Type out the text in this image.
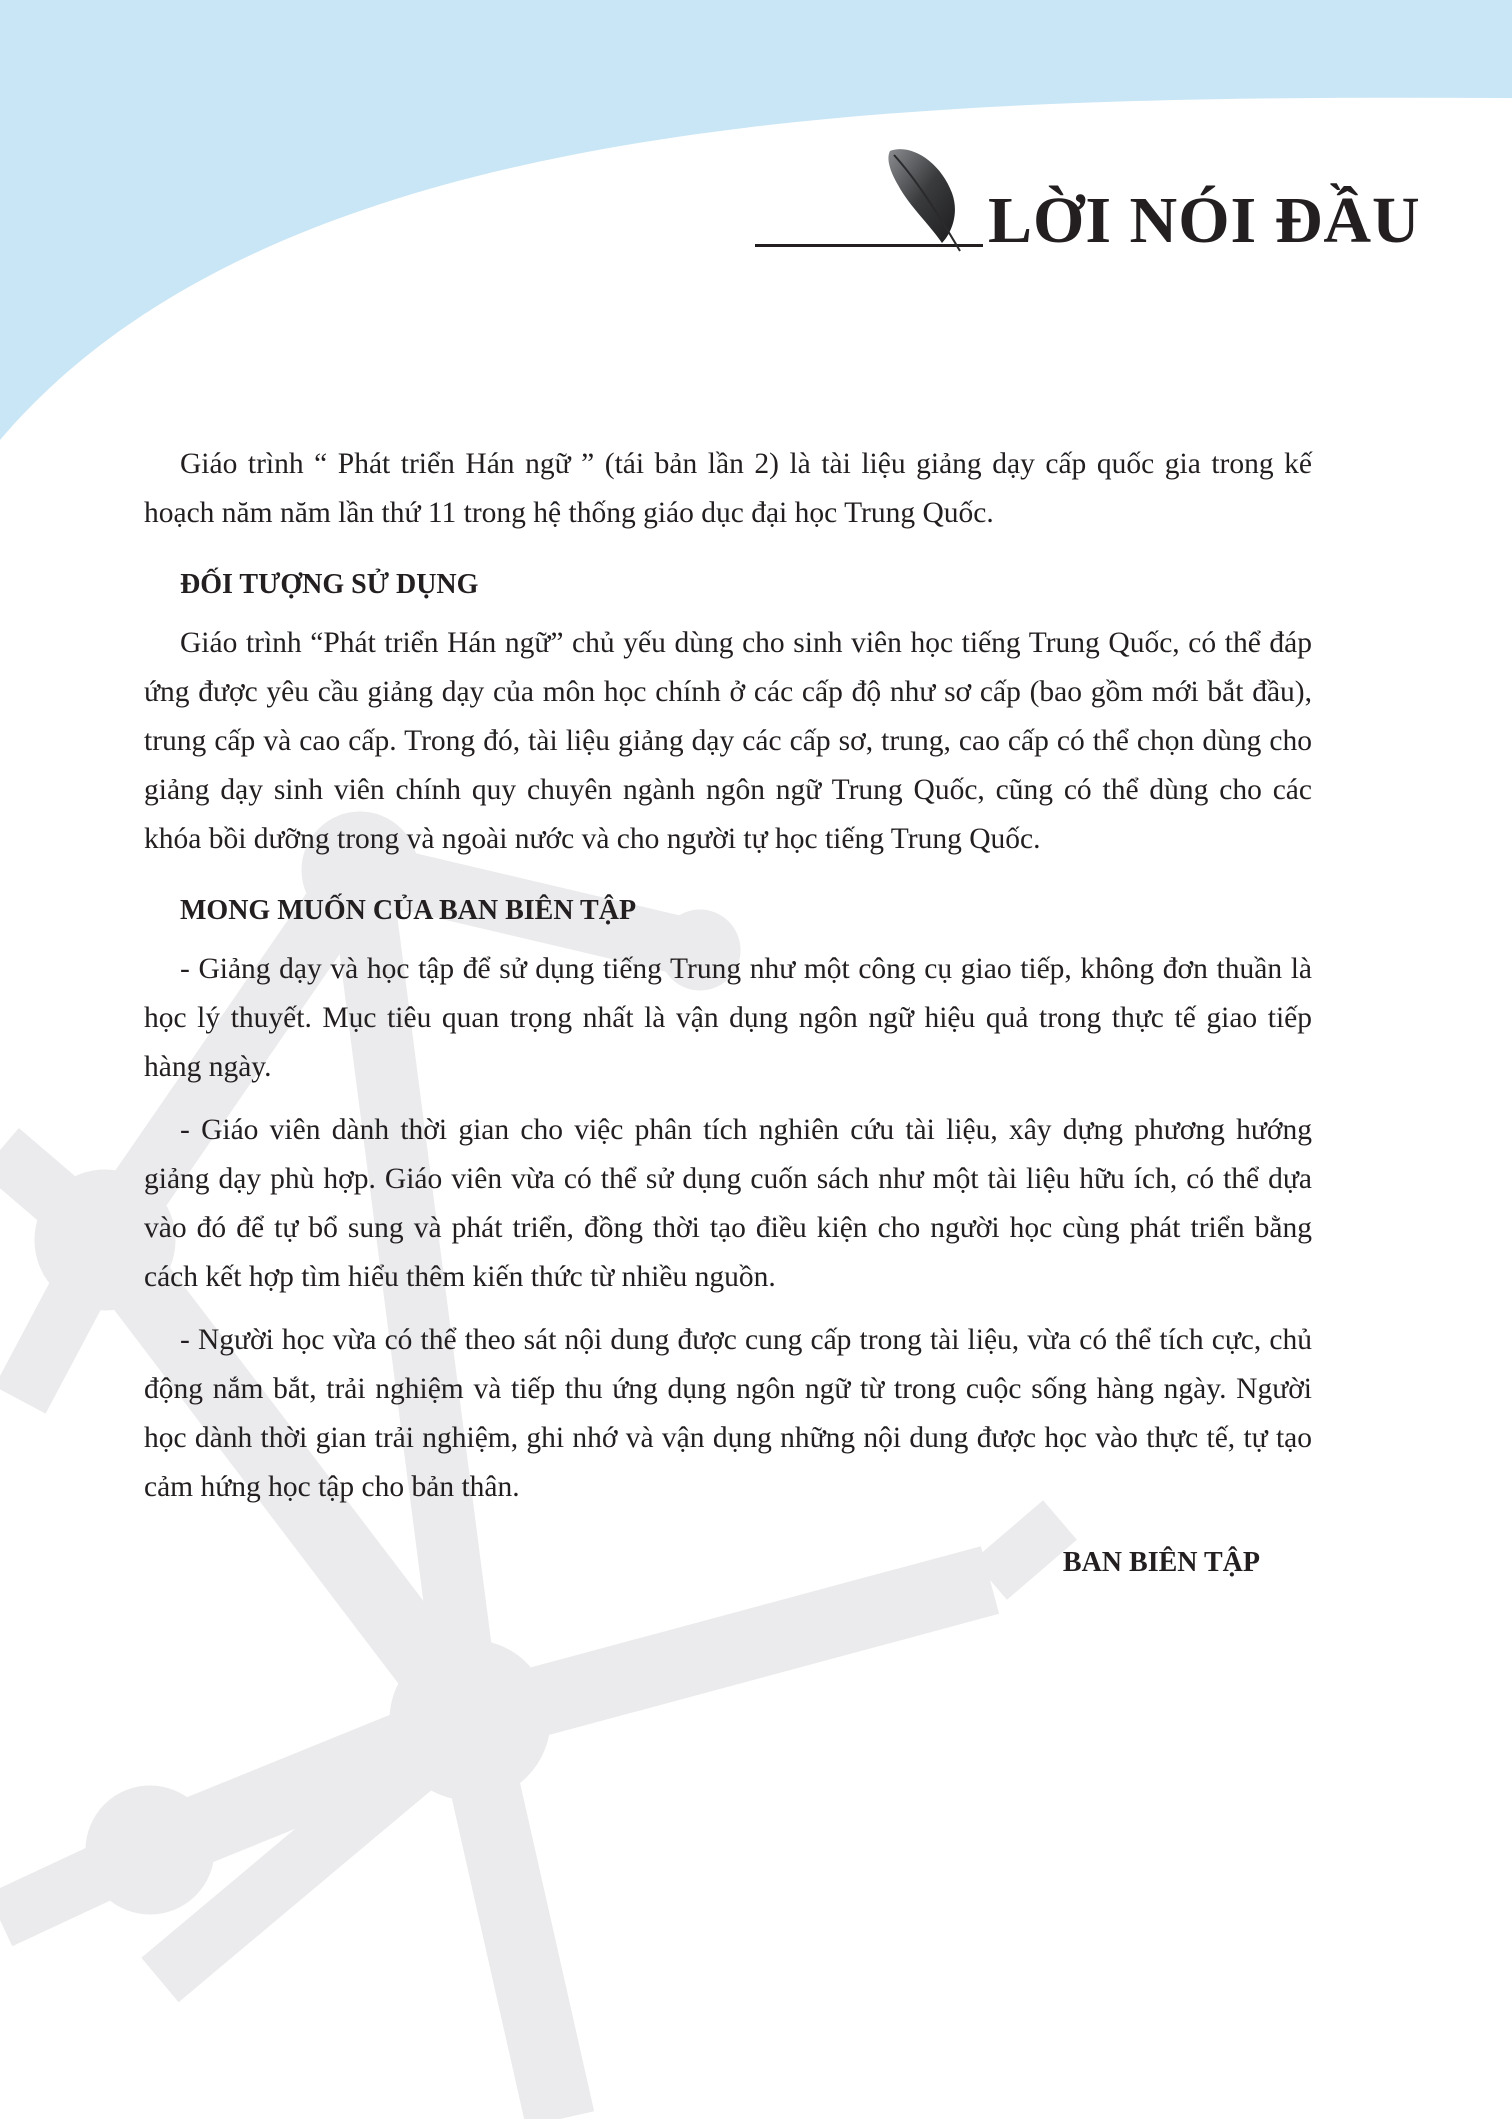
LỜI NÓI ĐẦU

Giáo trình “ Phát triển Hán ngữ ” (tái bản lần 2) là tài liệu giảng dạy cấp quốc gia trong kế hoạch năm năm lần thứ 11 trong hệ thống giáo dục đại học Trung Quốc.

ĐỐI TƯỢNG SỬ DỤNG

Giáo trình “Phát triển Hán ngữ” chủ yếu dùng cho sinh viên học tiếng Trung Quốc, có thể đáp ứng được yêu cầu giảng dạy của môn học chính ở các cấp độ như sơ cấp (bao gồm mới bắt đầu), trung cấp và cao cấp. Trong đó, tài liệu giảng dạy các cấp sơ, trung, cao cấp có thể chọn dùng cho giảng dạy sinh viên chính quy chuyên ngành ngôn ngữ Trung Quốc, cũng có thể dùng cho các khóa bồi dưỡng trong và ngoài nước và cho người tự học tiếng Trung Quốc.

MONG MUỐN CỦA BAN BIÊN TẬP

- Giảng dạy và học tập để sử dụng tiếng Trung như một công cụ giao tiếp, không đơn thuần là học lý thuyết. Mục tiêu quan trọng nhất là vận dụng ngôn ngữ hiệu quả trong thực tế giao tiếp hàng ngày.

- Giáo viên dành thời gian cho việc phân tích nghiên cứu tài liệu, xây dựng phương hướng giảng dạy phù hợp. Giáo viên vừa có thể sử dụng cuốn sách như một tài liệu hữu ích, có thể dựa vào đó để tự bổ sung và phát triển, đồng thời tạo điều kiện cho người học cùng phát triển bằng cách kết hợp tìm hiểu thêm kiến thức từ nhiều nguồn.

- Người học vừa có thể theo sát nội dung được cung cấp trong tài liệu, vừa có thể tích cực, chủ động nắm bắt, trải nghiệm và tiếp thu ứng dụng ngôn ngữ từ trong cuộc sống hàng ngày. Người học dành thời gian trải nghiệm, ghi nhớ và vận dụng những nội dung được học vào thực tế, tự tạo cảm hứng học tập cho bản thân.

BAN BIÊN TẬP
